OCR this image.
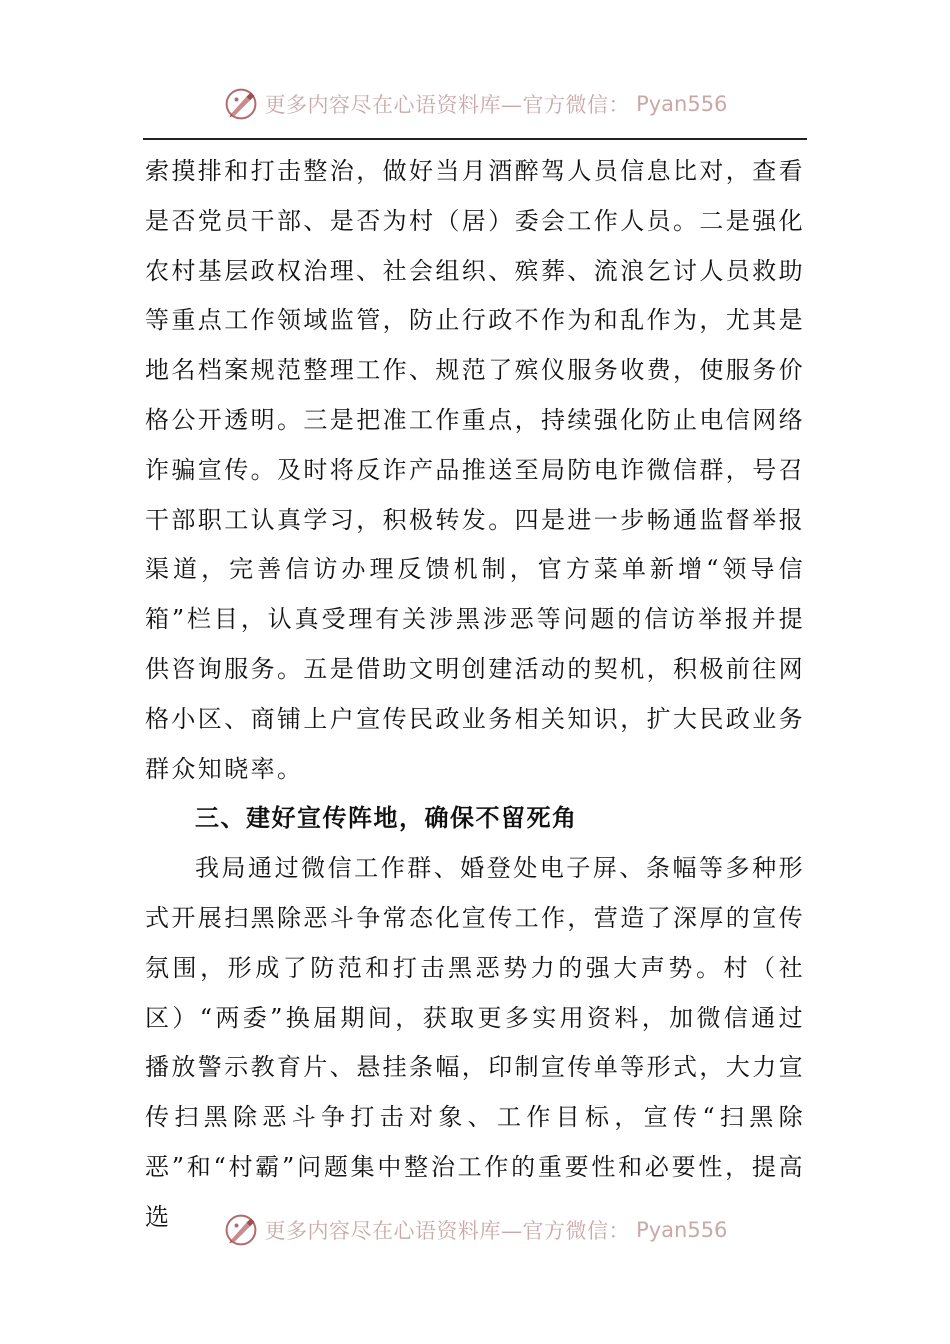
更多内容尽在心语资料库—官方微信： Pyan556

索摸排和打击整治，做好当月酒醉驾人员信息比对，查看是否党员干部、是否为村（居）委会工作人员。二是强化农村基层政权治理、社会组织、殡葬、流浪乞讨人员救助等重点工作领域监管，防止行政不作为和乱作为，尤其是地名档案规范整理工作、规范了殡仪服务收费，使服务价格公开透明。三是把准工作重点，持续强化防止电信网络诈骗宣传。及时将反诈产品推送至局防电诈微信群，号召干部职工认真学习，积极转发。四是进一步畅通监督举报渠道，完善信访办理反馈机制，官方菜单新增“领导信箱”栏目，认真受理有关涉黑涉恶等问题的信访举报并提供咨询服务。五是借助文明创建活动的契机，积极前往网格小区、商铺上户宣传民政业务相关知识，扩大民政业务群众知晓率。

三、建好宣传阵地，确保不留死角

我局通过微信工作群、婚登处电子屏、条幅等多种形式开展扫黑除恶斗争常态化宣传工作，营造了深厚的宣传氛围，形成了防范和打击黑恶势力的强大声势。村（社区）“两委”换届期间，获取更多实用资料，加微信通过播放警示教育片、悬挂条幅，印制宣传单等形式，大力宣传扫黑除恶斗争打击对象、工作目标，宣传“扫黑除恶”和“村霸”问题集中整治工作的重要性和必要性，提高选

更多内容尽在心语资料库—官方微信： Pyan556
